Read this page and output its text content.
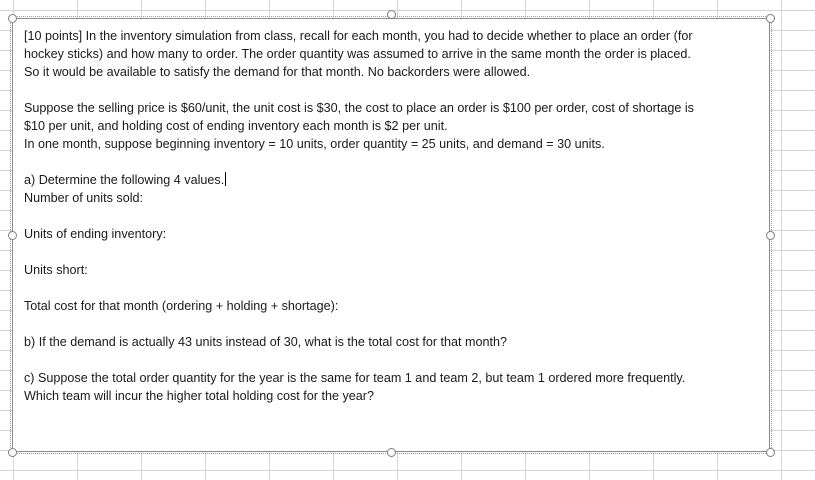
[10 points] In the inventory simulation from class, recall for each month, you had to decide whether to place an order (for
hockey sticks) and how many to order. The order quantity was assumed to arrive in the same month the order is placed.
So it would be available to satisfy the demand for that month. No backorders were allowed.
Suppose the selling price is $60/unit, the unit cost is $30, the cost to place an order is $100 per order, cost of shortage is
$10 per unit, and holding cost of ending inventory each month is $2 per unit.
In one month, suppose beginning inventory = 10 units, order quantity = 25 units, and demand = 30 units.
a) Determine the following 4 values.
Number of units sold:
Units of ending inventory:
Units short:
Total cost for that month (ordering + holding + shortage):
b) If the demand is actually 43 units instead of 30, what is the total cost for that month?
c) Suppose the total order quantity for the year is the same for team 1 and team 2, but team 1 ordered more frequently.
Which team will incur the higher total holding cost for the year?
